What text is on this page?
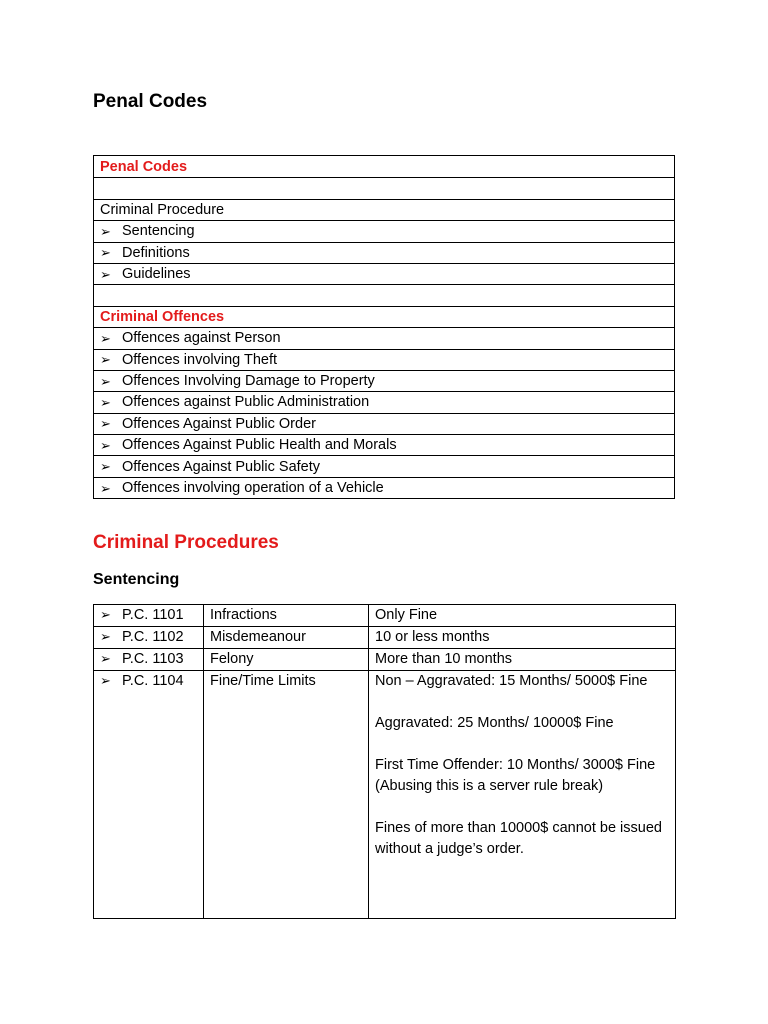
Penal Codes
Penal Codes
Criminal Procedure
➢ Sentencing
➢ Definitions
➢ Guidelines
Criminal Offences
➢ Offences against Person
➢ Offences involving Theft
➢ Offences Involving Damage to Property
➢ Offences against Public Administration
➢ Offences Against Public Order
➢ Offences Against Public Health and Morals
➢ Offences Against Public Safety
➢ Offences involving operation of a Vehicle
Criminal Procedures
Sentencing
➢ P.C. 1101	Infractions	Only Fine

➢ P.C. 1102	Misdemeanour	10 or less months

➢ P.C. 1103	Felony	More than 10 months

➢ P.C. 1104	Fine/Time Limits	Non – Aggravated: 15 Months/ 5000$ Fine

Aggravated: 25 Months/ 10000$ Fine

First Time Offender: 10 Months/ 3000$ Fine (Abusing this is a server rule break)

Fines of more than 10000$ cannot be issued without a judge’s order.
